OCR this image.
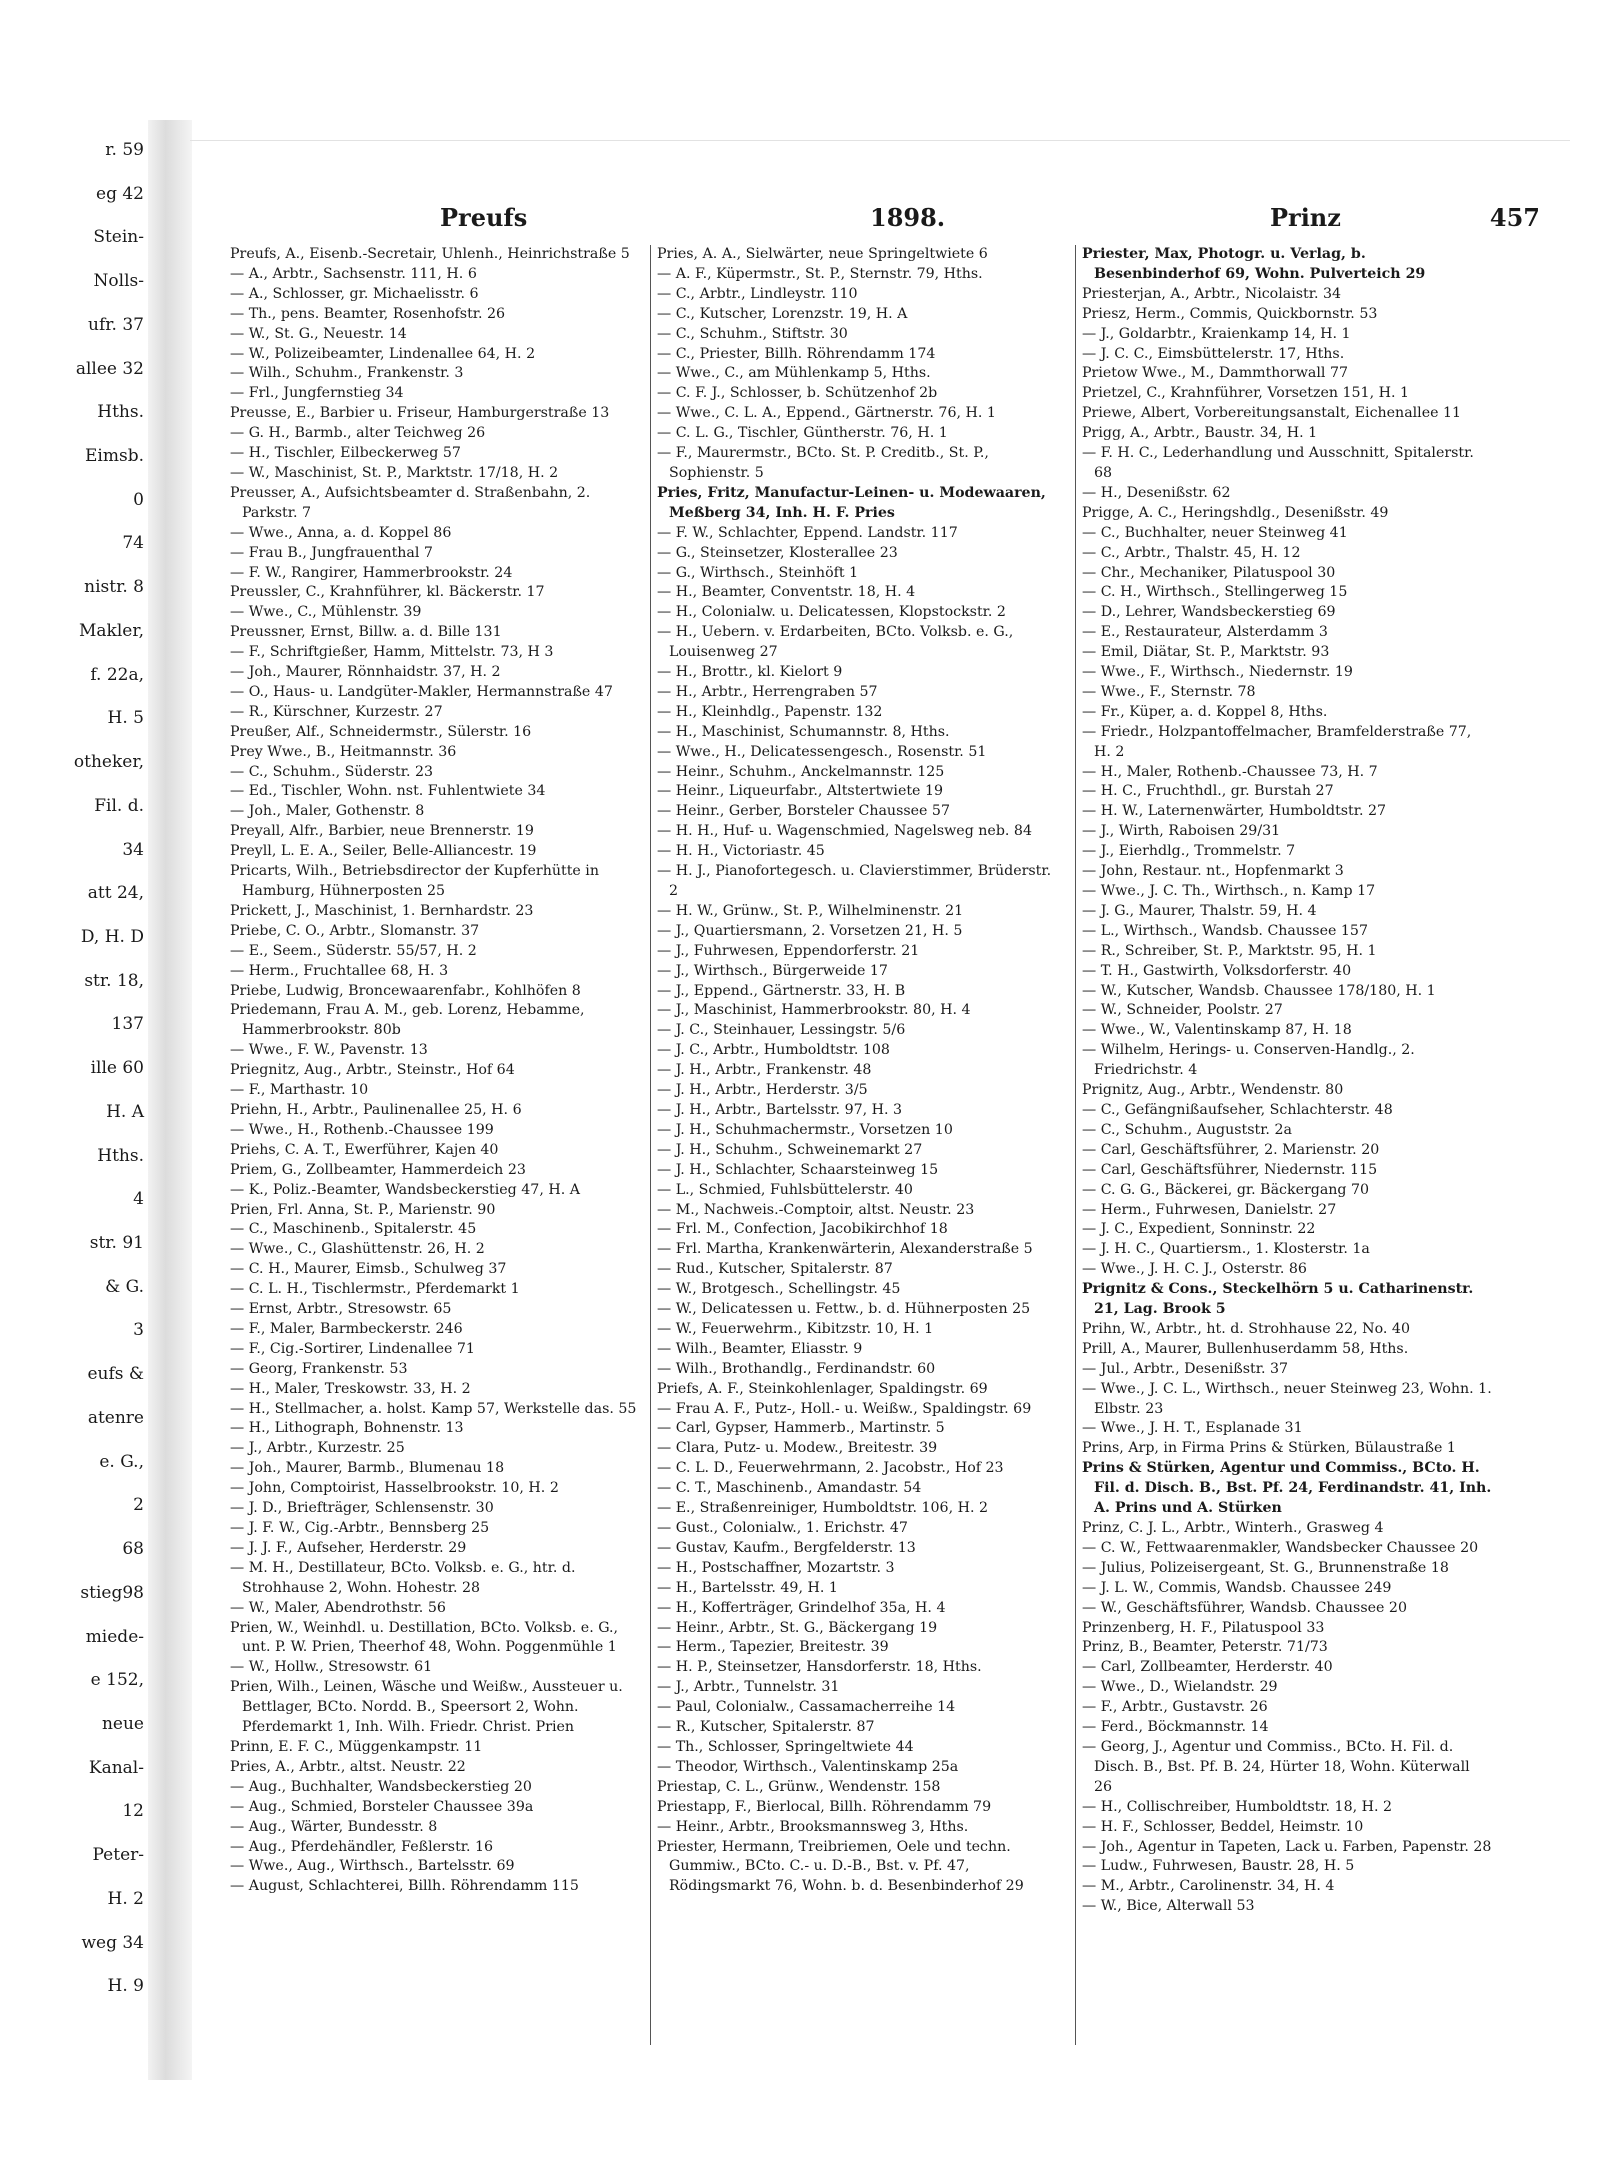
r. 59
eg 42
Stein-
Nolls-
ufr. 37
allee 32
Hths.
Eimsb.
0
74
nistr. 8
Makler,
f. 22a,
H. 5
otheker,
Fil. d.
34
att 24,
D, H. D
str. 18,
137
ille 60
H. A
Hths.
4
str. 91
& G.
3
eufs &
atenre
e. G.,
2
68
stieg98
miede-
e 152,
neue
Kanal-
12
Peter-
H. 2
weg 34
H. 9
Preufs	1898.	Prinz	457

Preufs, A., Eisenb.-Secretair, Uhlenh., Heinrichstraße 5

— A., Arbtr., Sachsenstr. 111, H. 6

— A., Schlosser, gr. Michaelisstr. 6

— Th., pens. Beamter, Rosenhofstr. 26

— W., St. G., Neuestr. 14

— W., Polizeibeamter, Lindenallee 64, H. 2

— Wilh., Schuhm., Frankenstr. 3

— Frl., Jungfernstieg 34

Preusse, E., Barbier u. Friseur, Hamburgerstraße 13

— G. H., Barmb., alter Teichweg 26

— H., Tischler, Eilbeckerweg 57

— W., Maschinist, St. P., Marktstr. 17/18, H. 2

Preusser, A., Aufsichtsbeamter d. Straßenbahn, 2. Parkstr. 7

— Wwe., Anna, a. d. Koppel 86

— Frau B., Jungfrauenthal 7

— F. W., Rangirer, Hammerbrookstr. 24

Preussler, C., Krahnführer, kl. Bäckerstr. 17

— Wwe., C., Mühlenstr. 39

Preussner, Ernst, Billw. a. d. Bille 131

— F., Schriftgießer, Hamm, Mittelstr. 73, H 3

— Joh., Maurer, Rönnhaidstr. 37, H. 2

— O., Haus- u. Landgüter-Makler, Hermannstraße 47

— R., Kürschner, Kurzestr. 27

Preußer, Alf., Schneidermstr., Sülerstr. 16

Prey Wwe., B., Heitmannstr. 36

— C., Schuhm., Süderstr. 23

— Ed., Tischler, Wohn. nst. Fuhlentwiete 34

— Joh., Maler, Gothenstr. 8

Preyall, Alfr., Barbier, neue Brennerstr. 19

Preyll, L. E. A., Seiler, Belle-Alliancestr. 19

Pricarts, Wilh., Betriebsdirector der Kupferhütte in Hamburg, Hühnerposten 25

Prickett, J., Maschinist, 1. Bernhardstr. 23

Priebe, C. O., Arbtr., Slomanstr. 37

— E., Seem., Süderstr. 55/57, H. 2

— Herm., Fruchtallee 68, H. 3

Priebe, Ludwig, Broncewaarenfabr., Kohlhöfen 8

Priedemann, Frau A. M., geb. Lorenz, Hebamme, Hammerbrookstr. 80b

— Wwe., F. W., Pavenstr. 13

Priegnitz, Aug., Arbtr., Steinstr., Hof 64

— F., Marthastr. 10

Priehn, H., Arbtr., Paulinenallee 25, H. 6

— Wwe., H., Rothenb.-Chaussee 199

Priehs, C. A. T., Ewerführer, Kajen 40

Priem, G., Zollbeamter, Hammerdeich 23

— K., Poliz.-Beamter, Wandsbeckerstieg 47, H. A

Prien, Frl. Anna, St. P., Marienstr. 90

— C., Maschinenb., Spitalerstr. 45

— Wwe., C., Glashüttenstr. 26, H. 2

— C. H., Maurer, Eimsb., Schulweg 37

— C. L. H., Tischlermstr., Pferdemarkt 1

— Ernst, Arbtr., Stresowstr. 65

— F., Maler, Barmbeckerstr. 246

— F., Cig.-Sortirer, Lindenallee 71

— Georg, Frankenstr. 53

— H., Maler, Treskowstr. 33, H. 2

— H., Stellmacher, a. holst. Kamp 57, Werkstelle das. 55

— H., Lithograph, Bohnenstr. 13

— J., Arbtr., Kurzestr. 25

— Joh., Maurer, Barmb., Blumenau 18

— John, Comptoirist, Hasselbrookstr. 10, H. 2

— J. D., Briefträger, Schlensenstr. 30

— J. F. W., Cig.-Arbtr., Bennsberg 25

— J. J. F., Aufseher, Herderstr. 29

— M. H., Destillateur, BCto. Volksb. e. G., htr. d. Strohhause 2, Wohn. Hohestr. 28

— W., Maler, Abendrothstr. 56

Prien, W., Weinhdl. u. Destillation, BCto. Volksb. e. G., unt. P. W. Prien, Theerhof 48, Wohn. Poggenmühle 1

— W., Hollw., Stresowstr. 61

Prien, Wilh., Leinen, Wäsche und Weißw., Aussteuer u. Bettlager, BCto. Nordd. B., Speersort 2, Wohn. Pferdemarkt 1, Inh. Wilh. Friedr. Christ. Prien

Prinn, E. F. C., Müggenkampstr. 11

Pries, A., Arbtr., altst. Neustr. 22

— Aug., Buchhalter, Wandsbeckerstieg 20

— Aug., Schmied, Borsteler Chaussee 39a

— Aug., Wärter, Bundesstr. 8

— Aug., Pferdehändler, Feßlerstr. 16

— Wwe., Aug., Wirthsch., Bartelsstr. 69

— August, Schlachterei, Billh. Röhrendamm 115

Pries, A. A., Sielwärter, neue Springeltwiete 6

— A. F., Küpermstr., St. P., Sternstr. 79, Hths.

— C., Arbtr., Lindleystr. 110

— C., Kutscher, Lorenzstr. 19, H. A

— C., Schuhm., Stiftstr. 30

— C., Priester, Billh. Röhrendamm 174

— Wwe., C., am Mühlenkamp 5, Hths.

— C. F. J., Schlosser, b. Schützenhof 2b

— Wwe., C. L. A., Eppend., Gärtnerstr. 76, H. 1

— C. L. G., Tischler, Güntherstr. 76, H. 1

— F., Maurermstr., BCto. St. P. Creditb., St. P., Sophienstr. 5

Pries, Fritz, Manufactur-Leinen- u. Modewaaren, Meßberg 34, Inh. H. F. Pries

— F. W., Schlachter, Eppend. Landstr. 117

— G., Steinsetzer, Klosterallee 23

— G., Wirthsch., Steinhöft 1

— H., Beamter, Conventstr. 18, H. 4

— H., Colonialw. u. Delicatessen, Klopstockstr. 2

— H., Uebern. v. Erdarbeiten, BCto. Volksb. e. G., Louisenweg 27

— H., Brottr., kl. Kielort 9

— H., Arbtr., Herrengraben 57

— H., Kleinhdlg., Papenstr. 132

— H., Maschinist, Schumannstr. 8, Hths.

— Wwe., H., Delicatessengesch., Rosenstr. 51

— Heinr., Schuhm., Anckelmannstr. 125

— Heinr., Liqueurfabr., Altstertwiete 19

— Heinr., Gerber, Borsteler Chaussee 57

— H. H., Huf- u. Wagenschmied, Nagelsweg neb. 84

— H. H., Victoriastr. 45

— H. J., Pianofortegesch. u. Clavierstimmer, Brüderstr. 2

— H. W., Grünw., St. P., Wilhelminenstr. 21

— J., Quartiersmann, 2. Vorsetzen 21, H. 5

— J., Fuhrwesen, Eppendorferstr. 21

— J., Wirthsch., Bürgerweide 17

— J., Eppend., Gärtnerstr. 33, H. B

— J., Maschinist, Hammerbrookstr. 80, H. 4

— J. C., Steinhauer, Lessingstr. 5/6

— J. C., Arbtr., Humboldtstr. 108

— J. H., Arbtr., Frankenstr. 48

— J. H., Arbtr., Herderstr. 3/5

— J. H., Arbtr., Bartelsstr. 97, H. 3

— J. H., Schuhmachermstr., Vorsetzen 10

— J. H., Schuhm., Schweinemarkt 27

— J. H., Schlachter, Schaarsteinweg 15

— L., Schmied, Fuhlsbüttelerstr. 40

— M., Nachweis.-Comptoir, altst. Neustr. 23

— Frl. M., Confection, Jacobikirchhof 18

— Frl. Martha, Krankenwärterin, Alexanderstraße 5

— Rud., Kutscher, Spitalerstr. 87

— W., Brotgesch., Schellingstr. 45

— W., Delicatessen u. Fettw., b. d. Hühnerposten 25

— W., Feuerwehrm., Kibitzstr. 10, H. 1

— Wilh., Beamter, Eliasstr. 9

— Wilh., Brothandlg., Ferdinandstr. 60

Priefs, A. F., Steinkohlenlager, Spaldingstr. 69

— Frau A. F., Putz-, Holl.- u. Weißw., Spaldingstr. 69

— Carl, Gypser, Hammerb., Martinstr. 5

— Clara, Putz- u. Modew., Breitestr. 39

— C. L. D., Feuerwehrmann, 2. Jacobstr., Hof 23

— C. T., Maschinenb., Amandastr. 54

— E., Straßenreiniger, Humboldtstr. 106, H. 2

— Gust., Colonialw., 1. Erichstr. 47

— Gustav, Kaufm., Bergfelderstr. 13

— H., Postschaffner, Mozartstr. 3

— H., Bartelsstr. 49, H. 1

— H., Kofferträger, Grindelhof 35a, H. 4

— Heinr., Arbtr., St. G., Bäckergang 19

— Herm., Tapezier, Breitestr. 39

— H. P., Steinsetzer, Hansdorferstr. 18, Hths.

— J., Arbtr., Tunnelstr. 31

— Paul, Colonialw., Cassamacherreihe 14

— R., Kutscher, Spitalerstr. 87

— Th., Schlosser, Springeltwiete 44

— Theodor, Wirthsch., Valentinskamp 25a

Priestap, C. L., Grünw., Wendenstr. 158

Priestapp, F., Bierlocal, Billh. Röhrendamm 79

— Heinr., Arbtr., Brooksmannsweg 3, Hths.

Priester, Hermann, Treibriemen, Oele und techn. Gummiw., BCto. C.- u. D.-B., Bst. v. Pf. 47, Rödingsmarkt 76, Wohn. b. d. Besenbinderhof 29

Priester, Max, Photogr. u. Verlag, b. Besenbinderhof 69, Wohn. Pulverteich 29

Priesterjan, A., Arbtr., Nicolaistr. 34

Priesz, Herm., Commis, Quickbornstr. 53

— J., Goldarbtr., Kraienkamp 14, H. 1

— J. C. C., Eimsbüttelerstr. 17, Hths.

Prietow Wwe., M., Dammthorwall 77

Prietzel, C., Krahnführer, Vorsetzen 151, H. 1

Priewe, Albert, Vorbereitungsanstalt, Eichenallee 11

Prigg, A., Arbtr., Baustr. 34, H. 1

— F. H. C., Lederhandlung und Ausschnitt, Spitalerstr. 68

— H., Desenißstr. 62

Prigge, A. C., Heringshdlg., Desenißstr. 49

— C., Buchhalter, neuer Steinweg 41

— C., Arbtr., Thalstr. 45, H. 12

— Chr., Mechaniker, Pilatuspool 30

— C. H., Wirthsch., Stellingerweg 15

— D., Lehrer, Wandsbeckerstieg 69

— E., Restaurateur, Alsterdamm 3

— Emil, Diätar, St. P., Marktstr. 93

— Wwe., F., Wirthsch., Niedernstr. 19

— Wwe., F., Sternstr. 78

— Fr., Küper, a. d. Koppel 8, Hths.

— Friedr., Holzpantoffelmacher, Bramfelderstraße 77, H. 2

— H., Maler, Rothenb.-Chaussee 73, H. 7

— H. C., Fruchthdl., gr. Burstah 27

— H. W., Laternenwärter, Humboldtstr. 27

— J., Wirth, Raboisen 29/31

— J., Eierhdlg., Trommelstr. 7

— John, Restaur. nt., Hopfenmarkt 3

— Wwe., J. C. Th., Wirthsch., n. Kamp 17

— J. G., Maurer, Thalstr. 59, H. 4

— L., Wirthsch., Wandsb. Chaussee 157

— R., Schreiber, St. P., Marktstr. 95, H. 1

— T. H., Gastwirth, Volksdorferstr. 40

— W., Kutscher, Wandsb. Chaussee 178/180, H. 1

— W., Schneider, Poolstr. 27

— Wwe., W., Valentinskamp 87, H. 18

— Wilhelm, Herings- u. Conserven-Handlg., 2. Friedrichstr. 4

Prignitz, Aug., Arbtr., Wendenstr. 80

— C., Gefängnißaufseher, Schlachterstr. 48

— C., Schuhm., Auguststr. 2a

— Carl, Geschäftsführer, 2. Marienstr. 20

— Carl, Geschäftsführer, Niedernstr. 115

— C. G. G., Bäckerei, gr. Bäckergang 70

— Herm., Fuhrwesen, Danielstr. 27

— J. C., Expedient, Sonninstr. 22

— J. H. C., Quartiersm., 1. Klosterstr. 1a

— Wwe., J. H. C. J., Osterstr. 86

Prignitz & Cons., Steckelhörn 5 u. Catharinenstr. 21, Lag. Brook 5

Prihn, W., Arbtr., ht. d. Strohhause 22, No. 40

Prill, A., Maurer, Bullenhuserdamm 58, Hths.

— Jul., Arbtr., Desenißstr. 37

— Wwe., J. C. L., Wirthsch., neuer Steinweg 23, Wohn. 1. Elbstr. 23

— Wwe., J. H. T., Esplanade 31

Prins, Arp, in Firma Prins & Stürken, Bülaustraße 1

Prins & Stürken, Agentur und Commiss., BCto. H. Fil. d. Disch. B., Bst. Pf. 24, Ferdinandstr. 41, Inh. A. Prins und A. Stürken

Prinz, C. J. L., Arbtr., Winterh., Grasweg 4

— C. W., Fettwaarenmakler, Wandsbecker Chaussee 20

— Julius, Polizeisergeant, St. G., Brunnenstraße 18

— J. L. W., Commis, Wandsb. Chaussee 249

— W., Geschäftsführer, Wandsb. Chaussee 20

Prinzenberg, H. F., Pilatuspool 33

Prinz, B., Beamter, Peterstr. 71/73

— Carl, Zollbeamter, Herderstr. 40

— Wwe., D., Wielandstr. 29

— F., Arbtr., Gustavstr. 26

— Ferd., Böckmannstr. 14

— Georg, J., Agentur und Commiss., BCto. H. Fil. d. Disch. B., Bst. Pf. B. 24, Hürter 18, Wohn. Küterwall 26

— H., Collischreiber, Humboldtstr. 18, H. 2

— H. F., Schlosser, Beddel, Heimstr. 10

— Joh., Agentur in Tapeten, Lack u. Farben, Papenstr. 28

— Ludw., Fuhrwesen, Baustr. 28, H. 5

— M., Arbtr., Carolinenstr. 34, H. 4

— W., Bice, Alterwall 53
